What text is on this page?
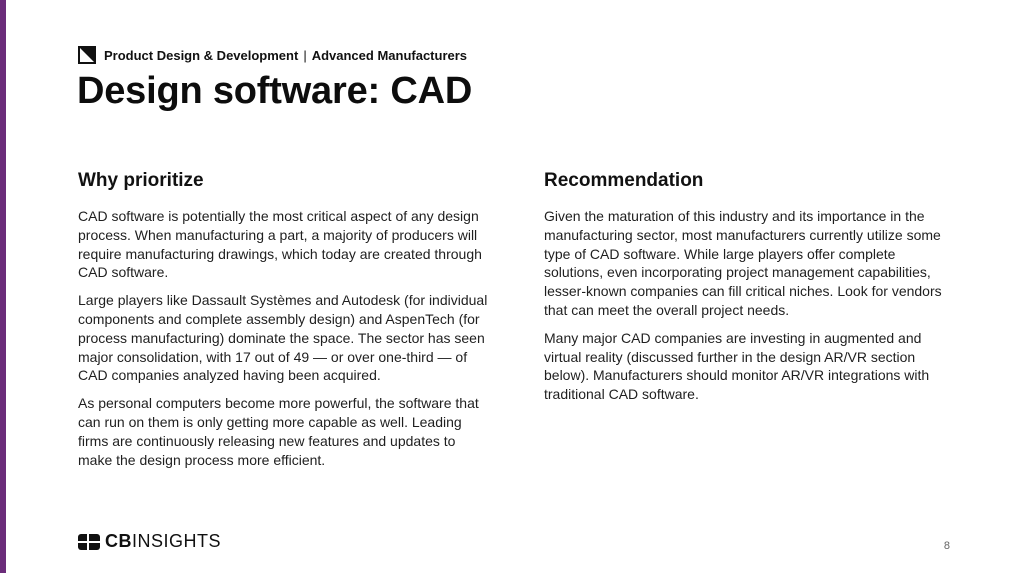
Product Design & Development | Advanced Manufacturers
Design software: CAD
Why prioritize

CAD software is potentially the most critical aspect of any design process. When manufacturing a part, a majority of producers will require manufacturing drawings, which today are created through CAD software.

Large players like Dassault Systèmes and Autodesk (for individual components and complete assembly design) and AspenTech (for process manufacturing) dominate the space. The sector has seen major consolidation, with 17 out of 49 — or over one-third — of CAD companies analyzed having been acquired.

As personal computers become more powerful, the software that can run on them is only getting more capable as well. Leading firms are continuously releasing new features and updates to make the design process more efficient.

Recommendation

Given the maturation of this industry and its importance in the manufacturing sector, most manufacturers currently utilize some type of CAD software. While large players offer complete solutions, even incorporating project management capabilities, lesser-known companies can fill critical niches. Look for vendors that can meet the overall project needs.

Many major CAD companies are investing in augmented and virtual reality (discussed further in the design AR/VR section below). Manufacturers should monitor AR/VR integrations with traditional CAD software.

CBINSIGHTS	8
